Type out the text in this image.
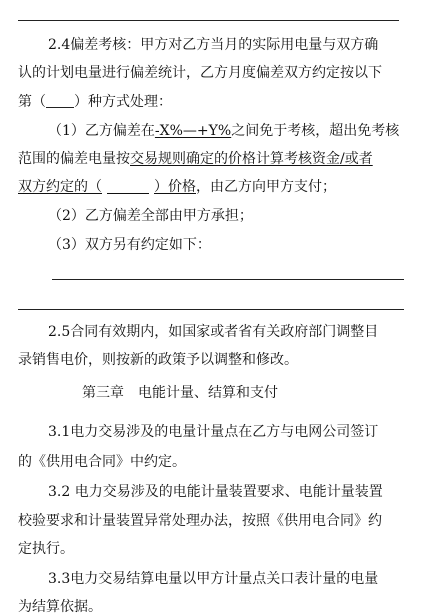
2.4偏差考核：甲方对乙方当月的实际用电量与双方确
认的计划电量进行偏差统计，乙方月度偏差双方约定按以下
第（ ）种方式处理：
（1）乙方偏差在-X%—+Y%之间免于考核，超出免考核
范围的偏差电量按交易规则确定的价格计算考核资金/或者
双方约定的（   	）价格，由乙方向甲方支付；
（2）乙方偏差全部由甲方承担；
（3）双方另有约定如下：
2.5合同有效期内，如国家或者省有关政府部门调整目
录销售电价，则按新的政策予以调整和修改。
第三章　电能计量、结算和支付
3.1电力交易涉及的电量计量点在乙方与电网公司签订
的《供用电合同》中约定。
3.2 电力交易涉及的电能计量装置要求、电能计量装置
校验要求和计量装置异常处理办法，按照《供用电合同》约
定执行。
3.3电力交易结算电量以甲方计量点关口表计量的电量
为结算依据。
